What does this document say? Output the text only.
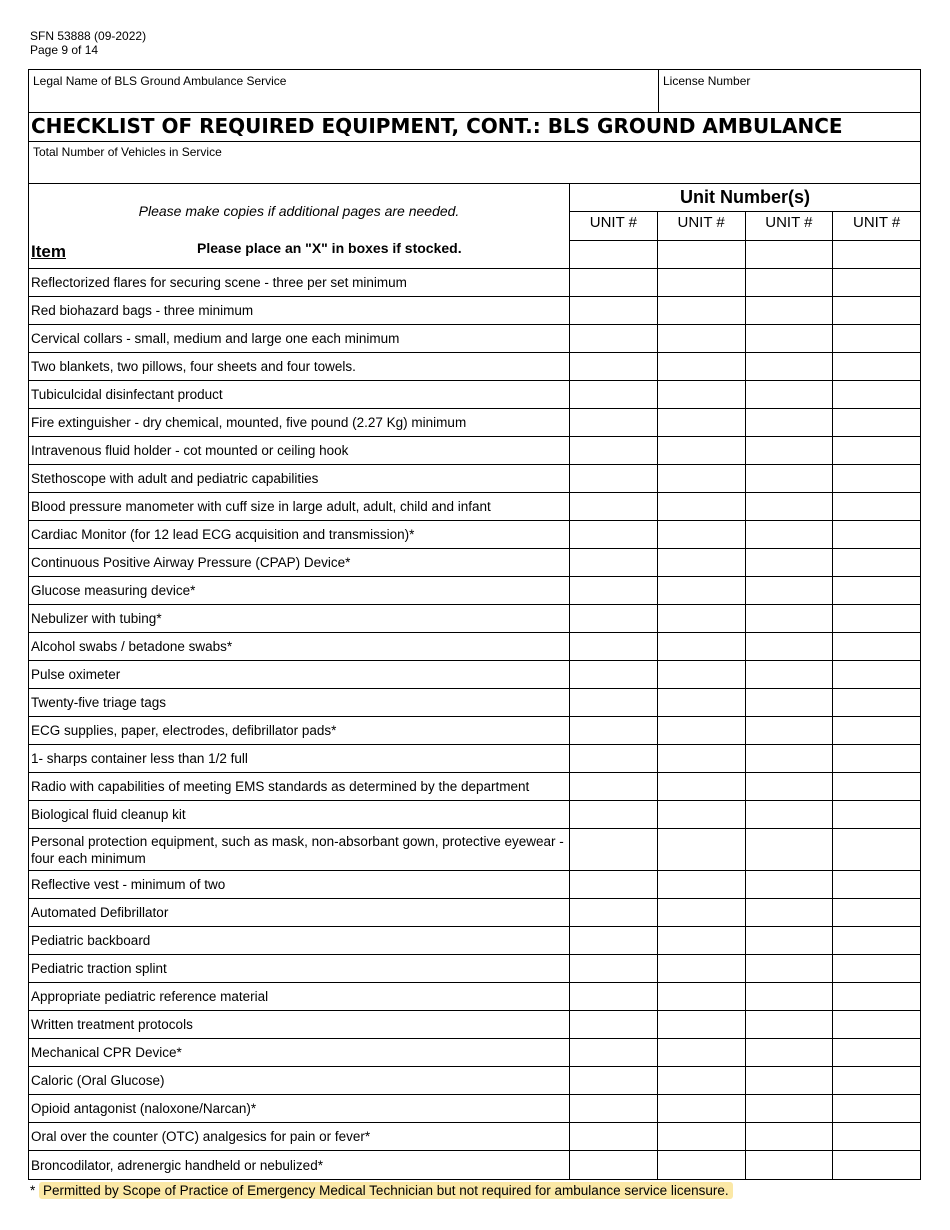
SFN 53888 (09-2022)
Page 9 of 14
Legal Name of BLS Ground Ambulance Service	License Number
CHECKLIST OF REQUIRED EQUIPMENT, CONT.: BLS GROUND AMBULANCE
Total Number of Vehicles in Service
Please make copies if additional pages are needed.
Item	Please place an "X" in boxes if stocked.
Unit Number(s)
UNIT #	UNIT #	UNIT #	UNIT #
Reflectorized flares for securing scene - three per set minimum
Red biohazard bags - three minimum
Cervical collars - small, medium and large one each minimum
Two blankets, two pillows, four sheets and four towels.
Tubiculcidal disinfectant product
Fire extinguisher - dry chemical, mounted, five pound (2.27 Kg) minimum
Intravenous fluid holder - cot mounted or ceiling hook
Stethoscope with adult and pediatric capabilities
Blood pressure manometer with cuff size in large adult, adult, child and infant
Cardiac Monitor (for 12 lead ECG acquisition and transmission)*
Continuous Positive Airway Pressure (CPAP) Device*
Glucose measuring device*
Nebulizer with tubing*
Alcohol swabs / betadone swabs*
Pulse oximeter
Twenty-five triage tags
ECG supplies, paper, electrodes, defibrillator pads*
1- sharps container less than 1/2 full
Radio with capabilities of meeting EMS standards as determined by the department
Biological fluid cleanup kit
Personal protection equipment, such as mask, non-absorbant gown, protective eyewear - four each minimum
Reflective vest - minimum of two
Automated Defibrillator
Pediatric backboard
Pediatric traction splint
Appropriate pediatric reference material
Written treatment protocols
Mechanical CPR Device*
Caloric (Oral Glucose)
Opioid antagonist (naloxone/Narcan)*
Oral over the counter (OTC) analgesics for pain or fever*
Broncodilator, adrenergic handheld or nebulized*
* Permitted by Scope of Practice of Emergency Medical Technician but not required for ambulance service licensure.
